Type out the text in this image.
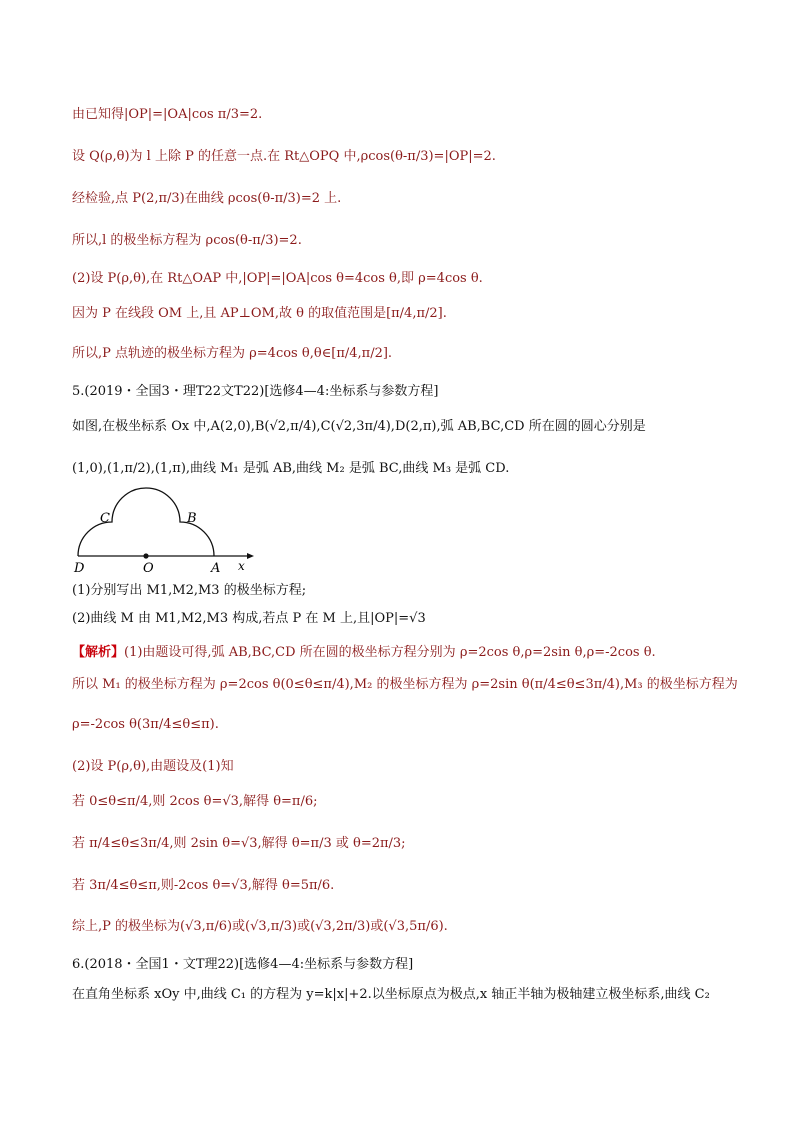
由已知得|OP|=|OA|cos π/3=2.
设 Q(ρ,θ)为 l 上除 P 的任意一点.在 Rt△OPQ 中,ρcos(θ-π/3)=|OP|=2.
经检验,点 P(2,π/3)在曲线 ρcos(θ-π/3)=2 上.
所以,l 的极坐标方程为 ρcos(θ-π/3)=2.
(2)设 P(ρ,θ),在 Rt△OAP 中,|OP|=|OA|cos θ=4cos θ,即 ρ=4cos θ.
因为 P 在线段 OM 上,且 AP⊥OM,故 θ 的取值范围是[π/4,π/2].
所以,P 点轨迹的极坐标方程为 ρ=4cos θ,θ∈[π/4,π/2].
5.(2019・全国3・理T22文T22)[选修4—4:坐标系与参数方程]
如图,在极坐标系 Ox 中,A(2,0),B(√2,π/4),C(√2,3π/4),D(2,π),弧 AB,BC,CD 所在圆的圆心分别是
(1,0),(1,π/2),(1,π),曲线 M₁ 是弧 AB,曲线 M₂ 是弧 BC,曲线 M₃ 是弧 CD.
C	B
D	O	A x
(1)分别写出 M1,M2,M3 的极坐标方程;
(2)曲线 M 由 M1,M2,M3 构成,若点 P 在 M 上,且|OP|=√3
【解析】(1)由题设可得,弧 AB,BC,CD 所在圆的极坐标方程分别为 ρ=2cos θ,ρ=2sin θ,ρ=-2cos θ.
所以 M₁ 的极坐标方程为 ρ=2cos θ(0≤θ≤π/4),M₂ 的极坐标方程为 ρ=2sin θ(π/4≤θ≤3π/4),M₃ 的极坐标方程为
ρ=-2cos θ(3π/4≤θ≤π).
(2)设 P(ρ,θ),由题设及(1)知
若 0≤θ≤π/4,则 2cos θ=√3,解得 θ=π/6;
若 π/4≤θ≤3π/4,则 2sin θ=√3,解得 θ=π/3 或 θ=2π/3;
若 3π/4≤θ≤π,则-2cos θ=√3,解得 θ=5π/6.
综上,P 的极坐标为(√3,π/6)或(√3,π/3)或(√3,2π/3)或(√3,5π/6).
6.(2018・全国1・文T理22)[选修4—4:坐标系与参数方程]
在直角坐标系 xOy 中,曲线 C₁ 的方程为 y=k|x|+2.以坐标原点为极点,x 轴正半轴为极轴建立极坐标系,曲线 C₂
